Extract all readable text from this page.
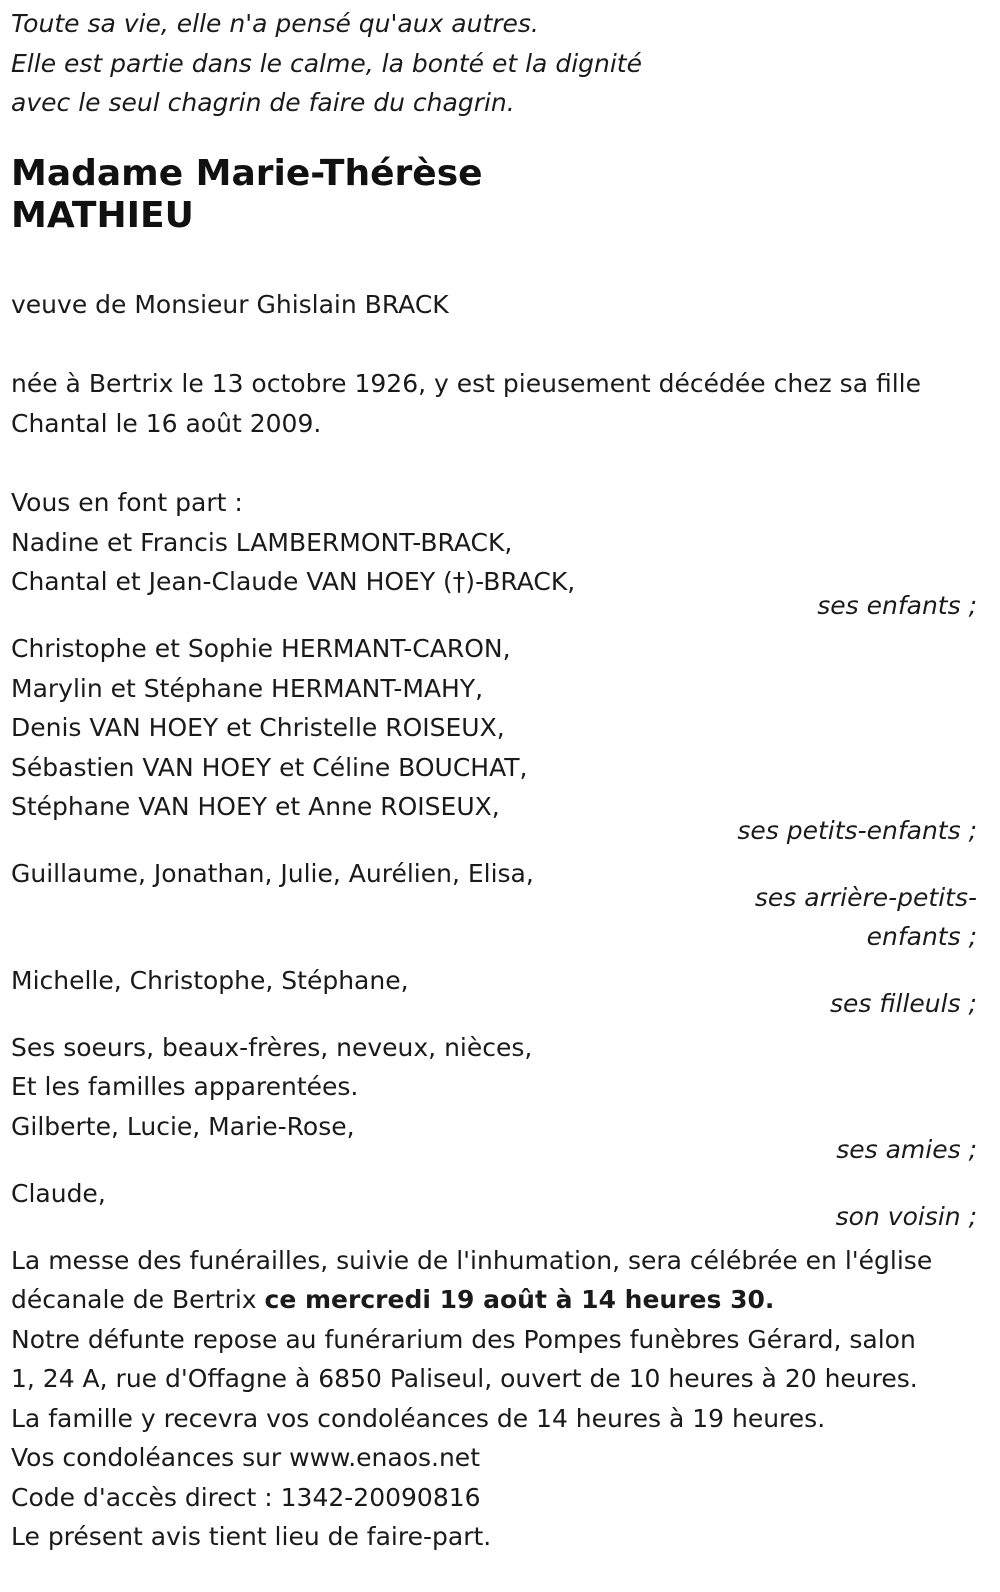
Toute sa vie, elle n'a pensé qu'aux autres.
Elle est partie dans le calme, la bonté et la dignité
avec le seul chagrin de faire du chagrin.
Madame Marie-Thérèse
MATHIEU
veuve de Monsieur Ghislain BRACK
née à Bertrix le 13 octobre 1926, y est pieusement décédée chez sa fille
Chantal le 16 août 2009.
Vous en font part :
Nadine et Francis LAMBERMONT-BRACK,
Chantal et Jean-Claude VAN HOEY (†)-BRACK,
ses enfants ;
Christophe et Sophie HERMANT-CARON,
Marylin et Stéphane HERMANT-MAHY,
Denis VAN HOEY et Christelle ROISEUX,
Sébastien VAN HOEY et Céline BOUCHAT,
Stéphane VAN HOEY et Anne ROISEUX,
ses petits-enfants ;
Guillaume, Jonathan, Julie, Aurélien, Elisa,
ses arrière-petits-
enfants ;
Michelle, Christophe, Stéphane,
ses filleuls ;
Ses soeurs, beaux-frères, neveux, nièces,
Et les familles apparentées.
Gilberte, Lucie, Marie-Rose,
ses amies ;
Claude,
son voisin ;
La messe des funérailles, suivie de l'inhumation, sera célébrée en l'église
décanale de Bertrix ce mercredi 19 août à 14 heures 30.
Notre défunte repose au funérarium des Pompes funèbres Gérard, salon
1, 24 A, rue d'Offagne à 6850 Paliseul, ouvert de 10 heures à 20 heures.
La famille y recevra vos condoléances de 14 heures à 19 heures.
Vos condoléances sur www.enaos.net
Code d'accès direct : 1342-20090816
Le présent avis tient lieu de faire-part.
